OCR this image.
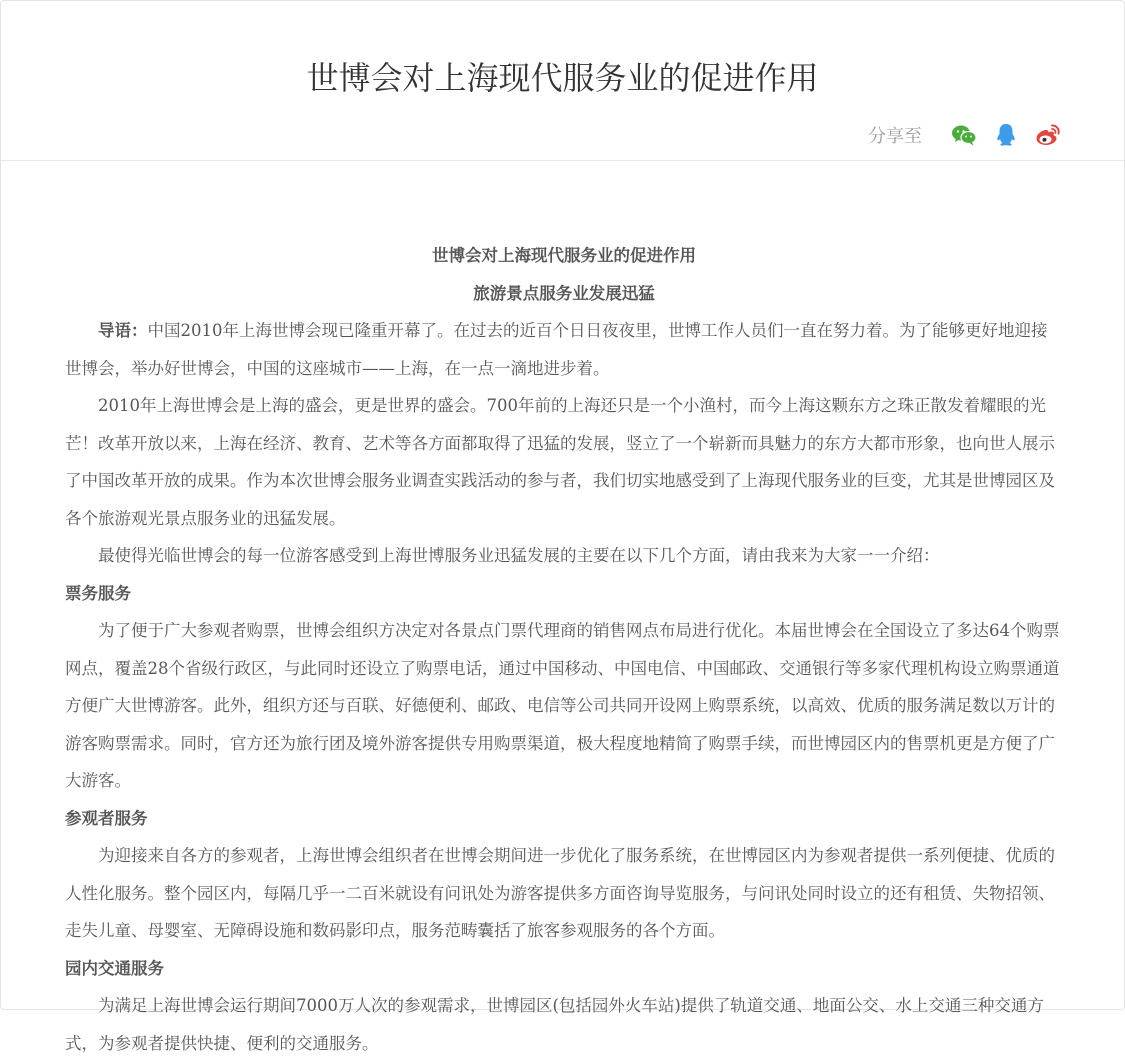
世博会对上海现代服务业的促进作用
分享至

世博会对上海现代服务业的促进作用

旅游景点服务业发展迅猛

导语：中国2010年上海世博会现已隆重开幕了。在过去的近百个日日夜夜里，世博工作人员们一直在努力着。为了能够更好地迎接世博会，举办好世博会，中国的这座城市——上海，在一点一滴地进步着。

2010年上海世博会是上海的盛会，更是世界的盛会。700年前的上海还只是一个小渔村，而今上海这颗东方之珠正散发着耀眼的光芒！改革开放以来，上海在经济、教育、艺术等各方面都取得了迅猛的发展，竖立了一个崭新而具魅力的东方大都市形象，也向世人展示了中国改革开放的成果。作为本次世博会服务业调查实践活动的参与者，我们切实地感受到了上海现代服务业的巨变，尤其是世博园区及各个旅游观光景点服务业的迅猛发展。

最使得光临世博会的每一位游客感受到上海世博服务业迅猛发展的主要在以下几个方面，请由我来为大家一一介绍：

票务服务

为了便于广大参观者购票，世博会组织方决定对各景点门票代理商的销售网点布局进行优化。本届世博会在全国设立了多达64个购票网点，覆盖28个省级行政区，与此同时还设立了购票电话，通过中国移动、中国电信、中国邮政、交通银行等多家代理机构设立购票通道方便广大世博游客。此外，组织方还与百联、好德便利、邮政、电信等公司共同开设网上购票系统，以高效、优质的服务满足数以万计的游客购票需求。同时，官方还为旅行团及境外游客提供专用购票渠道，极大程度地精简了购票手续，而世博园区内的售票机更是方便了广大游客。

参观者服务

为迎接来自各方的参观者，上海世博会组织者在世博会期间进一步优化了服务系统，在世博园区内为参观者提供一系列便捷、优质的人性化服务。整个园区内，每隔几乎一二百米就设有问讯处为游客提供多方面咨询导览服务，与问讯处同时设立的还有租赁、失物招领、走失儿童、母婴室、无障碍设施和数码影印点，服务范畴囊括了旅客参观服务的各个方面。

园内交通服务

为满足上海世博会运行期间7000万人次的参观需求，世博园区(包括园外火车站)提供了轨道交通、地面公交、水上交通三种交通方式，为参观者提供快捷、便利的交通服务。
